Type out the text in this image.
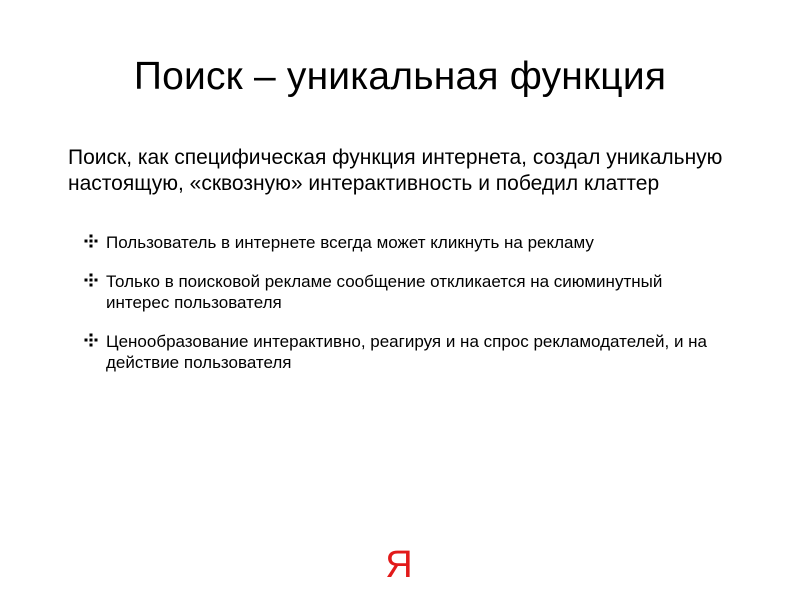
Поиск – уникальная функция
Поиск, как специфическая функция интернета, создал уникальную настоящую, «сквозную» интерактивность и победил клаттер
Пользователь в интернете всегда может кликнуть на рекламу
Только в поисковой рекламе сообщение откликается на сиюминутный интерес пользователя
Ценообразование интерактивно, реагируя и на спрос рекламодателей, и на действие пользователя
Я
